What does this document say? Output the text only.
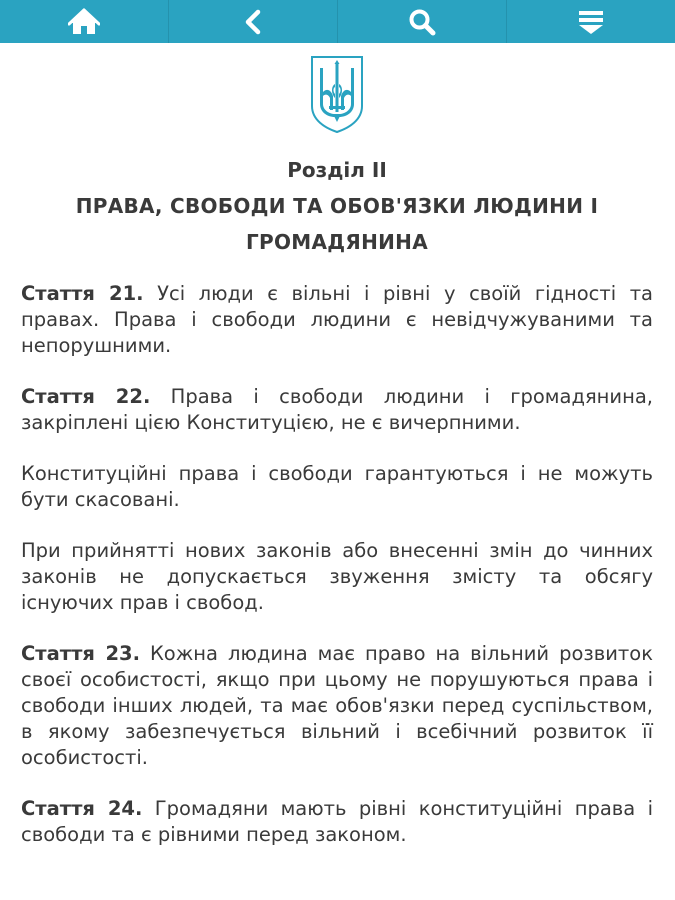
Розділ II
ПРАВА, СВОБОДИ ТА ОБОВ'ЯЗКИ ЛЮДИНИ І ГРОМАДЯНИНА

Стаття 21. Усі люди є вільні і рівні у своїй гідності та правах. Права і свободи людини є невідчужуваними та непорушними.

Стаття 22. Права і свободи людини і громадянина, закріплені цією Конституцією, не є вичерпними.

Конституційні права і свободи гарантуються і не можуть бути скасовані.

При прийнятті нових законів або внесенні змін до чинних законів не допускається звуження змісту та обсягу існуючих прав і свобод.

Стаття 23. Кожна людина має право на вільний розвиток своєї особистості, якщо при цьому не порушуються права і свободи інших людей, та має обов'язки перед суспільством, в якому забезпечується вільний і всебічний розвиток її особистості.

Стаття 24. Громадяни мають рівні конституційні права і свободи та є рівними перед законом.
